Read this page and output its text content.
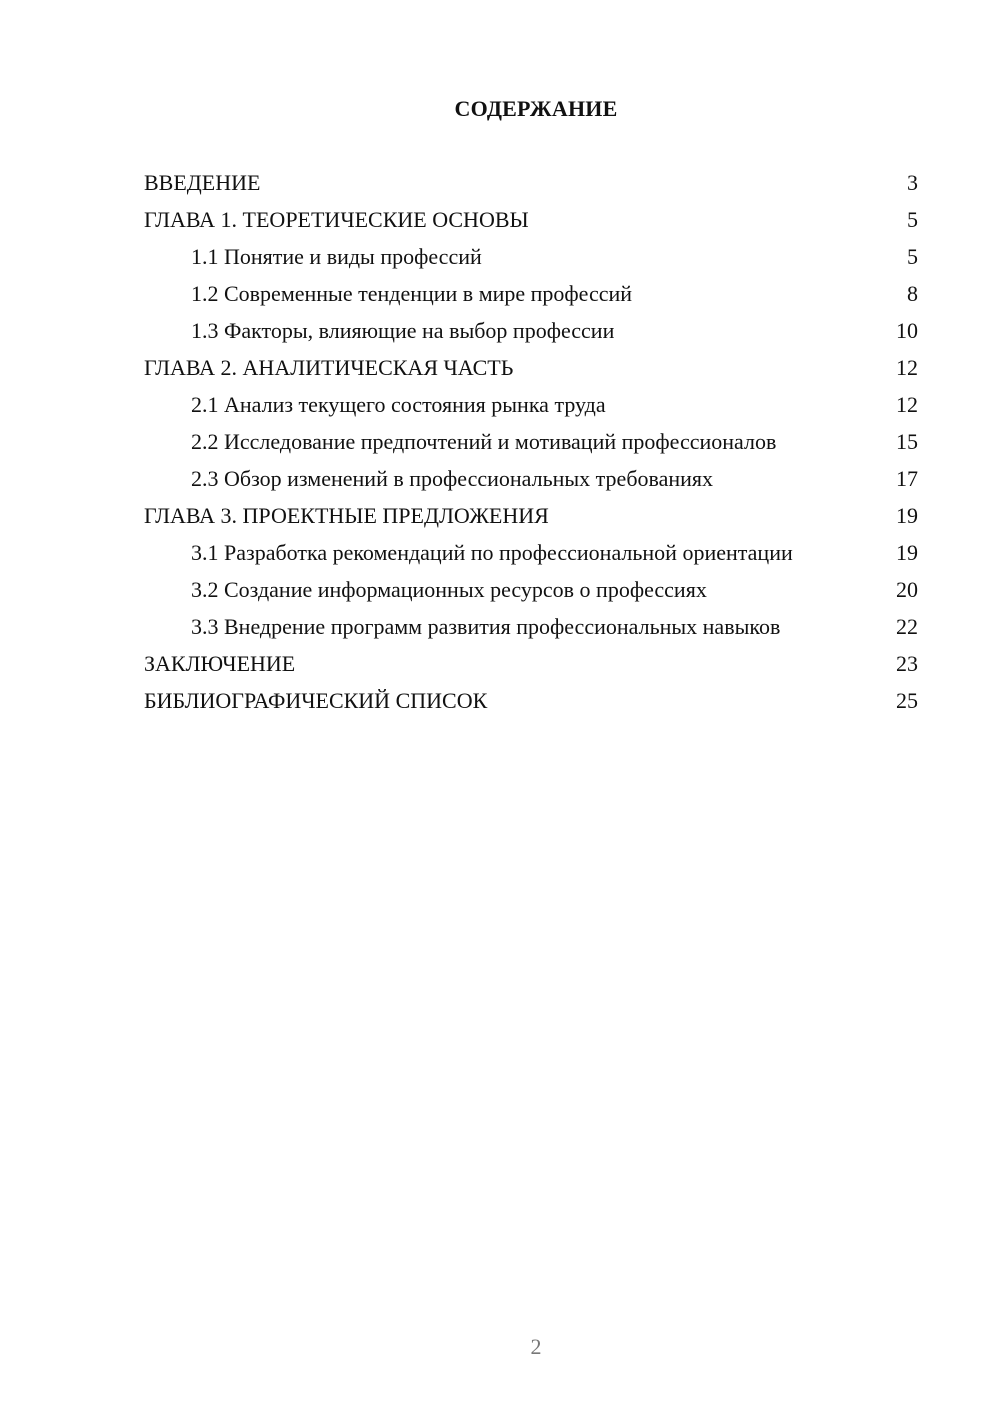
СОДЕРЖАНИЕ
ВВЕДЕНИЕ	3
ГЛАВА 1. ТЕОРЕТИЧЕСКИЕ ОСНОВЫ	5
1.1 Понятие и виды профессий	5
1.2 Современные тенденции в мире профессий	8
1.3 Факторы, влияющие на выбор профессии	10
ГЛАВА 2. АНАЛИТИЧЕСКАЯ ЧАСТЬ	12
2.1 Анализ текущего состояния рынка труда	12
2.2 Исследование предпочтений и мотиваций профессионалов	15
2.3 Обзор изменений в профессиональных требованиях	17
ГЛАВА 3. ПРОЕКТНЫЕ ПРЕДЛОЖЕНИЯ	19
3.1 Разработка рекомендаций по профессиональной ориентации	19
3.2 Создание информационных ресурсов о профессиях	20
3.3 Внедрение программ развития профессиональных навыков	22
ЗАКЛЮЧЕНИЕ	23
БИБЛИОГРАФИЧЕСКИЙ СПИСОК	25
2
